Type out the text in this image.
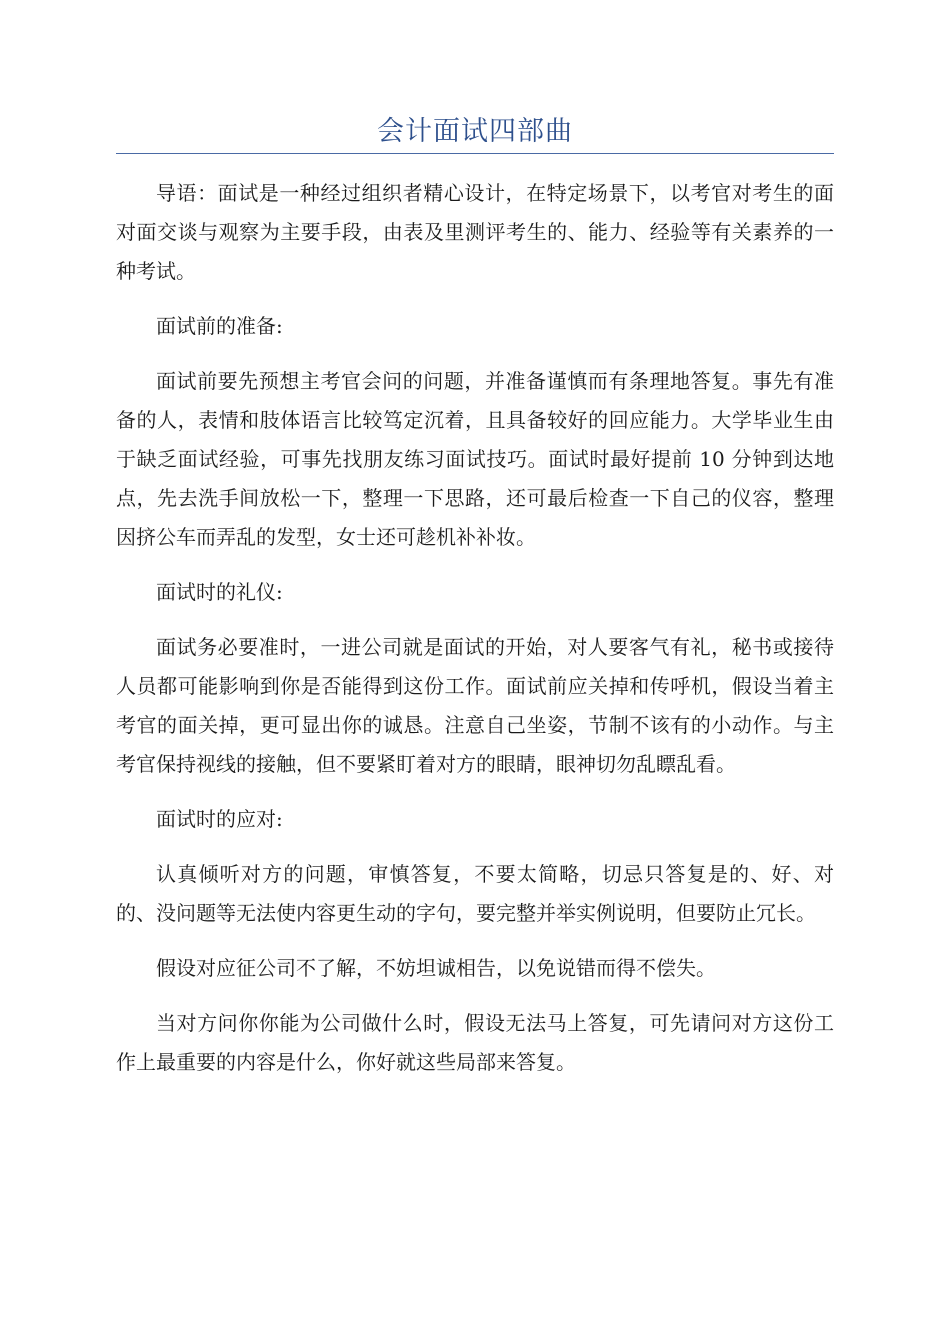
会计面试四部曲

导语：面试是一种经过组织者精心设计，在特定场景下，以考官对考生的面对面交谈与观察为主要手段，由表及里测评考生的、能力、经验等有关素养的一种考试。

面试前的准备:

面试前要先预想主考官会问的问题，并准备谨慎而有条理地答复。事先有准备的人，表情和肢体语言比较笃定沉着，且具备较好的回应能力。大学毕业生由于缺乏面试经验，可事先找朋友练习面试技巧。面试时最好提前 10 分钟到达地点，先去洗手间放松一下，整理一下思路，还可最后检查一下自己的仪容，整理因挤公车而弄乱的发型，女士还可趁机补补妆。

面试时的礼仪:

面试务必要准时，一进公司就是面试的开始，对人要客气有礼，秘书或接待人员都可能影响到你是否能得到这份工作。面试前应关掉和传呼机，假设当着主考官的面关掉，更可显出你的诚恳。注意自己坐姿，节制不该有的小动作。与主考官保持视线的接触，但不要紧盯着对方的眼睛，眼神切勿乱瞟乱看。

面试时的应对:

认真倾听对方的问题，审慎答复，不要太简略，切忌只答复是的、好、对的、没问题等无法使内容更生动的字句，要完整并举实例说明，但要防止冗长。

假设对应征公司不了解，不妨坦诚相告，以免说错而得不偿失。

当对方问你你能为公司做什么时，假设无法马上答复，可先请问对方这份工作上最重要的内容是什么，你好就这些局部来答复。
